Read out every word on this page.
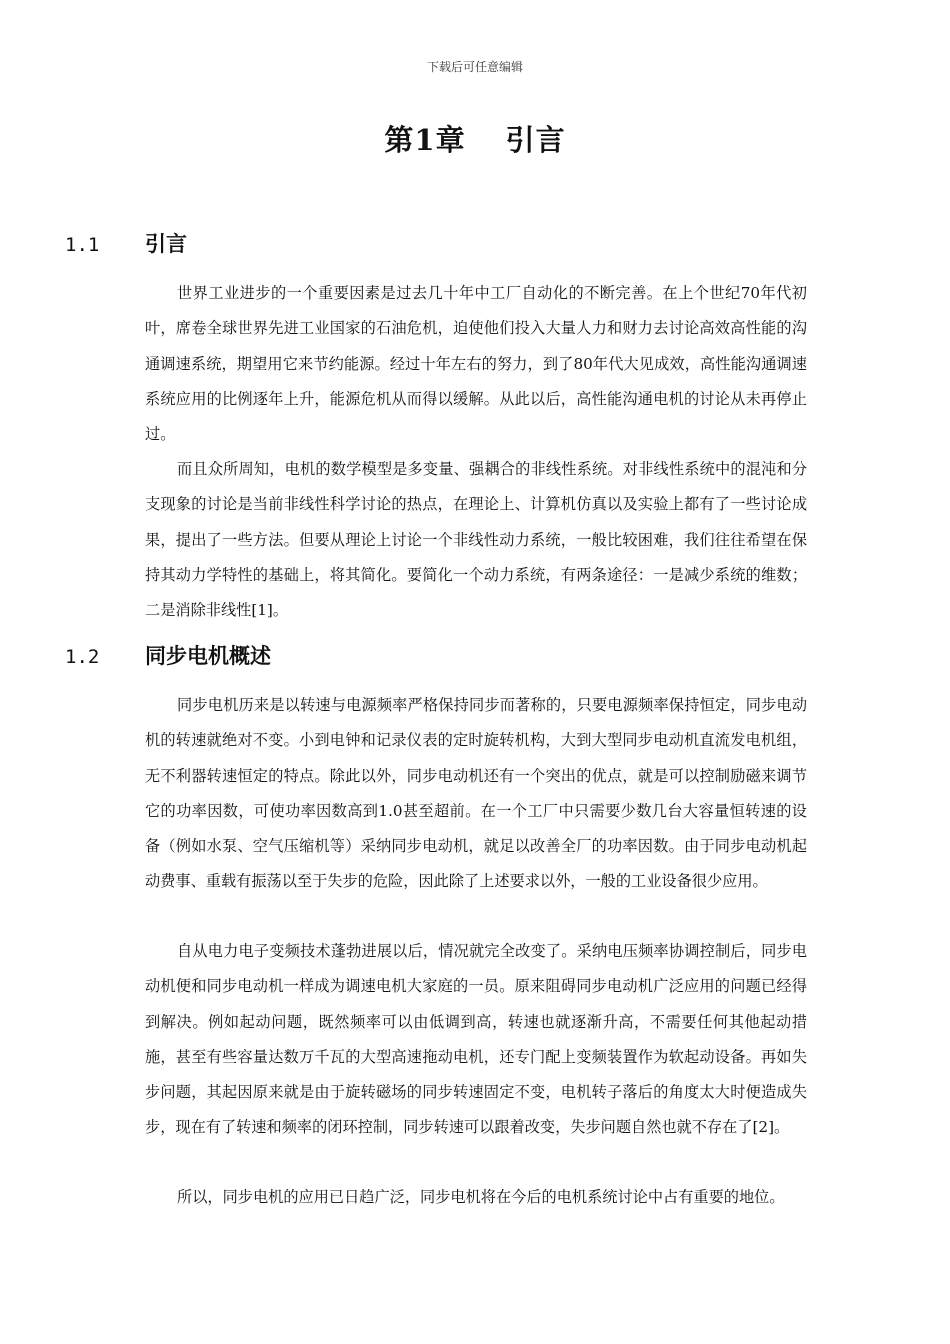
下载后可任意编辑
第1章 引言
1.1 引言

世界工业进步的一个重要因素是过去几十年中工厂自动化的不断完善。在上个世纪70年代初叶，席卷全球世界先进工业国家的石油危机，迫使他们投入大量人力和财力去讨论高效高性能的沟通调速系统，期望用它来节约能源。经过十年左右的努力，到了80年代大见成效，高性能沟通调速系统应用的比例逐年上升，能源危机从而得以缓解。从此以后，高性能沟通电机的讨论从未再停止过。

而且众所周知，电机的数学模型是多变量、强耦合的非线性系统。对非线性系统中的混沌和分支现象的讨论是当前非线性科学讨论的热点，在理论上、计算机仿真以及实验上都有了一些讨论成果，提出了一些方法。但要从理论上讨论一个非线性动力系统，一般比较困难，我们往往希望在保持其动力学特性的基础上，将其简化。要简化一个动力系统，有两条途径：一是减少系统的维数；二是消除非线性[1]。

1.2 同步电机概述

同步电机历来是以转速与电源频率严格保持同步而著称的，只要电源频率保持恒定，同步电动机的转速就绝对不变。小到电钟和记录仪表的定时旋转机构，大到大型同步电动机直流发电机组，无不利器转速恒定的特点。除此以外，同步电动机还有一个突出的优点，就是可以控制励磁来调节它的功率因数，可使功率因数高到1.0甚至超前。在一个工厂中只需要少数几台大容量恒转速的设备（例如水泵、空气压缩机等）采纳同步电动机，就足以改善全厂的功率因数。由于同步电动机起动费事、重载有振荡以至于失步的危险，因此除了上述要求以外，一般的工业设备很少应用。

自从电力电子变频技术蓬勃进展以后，情况就完全改变了。采纳电压频率协调控制后，同步电动机便和同步电动机一样成为调速电机大家庭的一员。原来阻碍同步电动机广泛应用的问题已经得到解决。例如起动问题，既然频率可以由低调到高，转速也就逐渐升高，不需要任何其他起动措施，甚至有些容量达数万千瓦的大型高速拖动电机，还专门配上变频装置作为软起动设备。再如失步问题，其起因原来就是由于旋转磁场的同步转速固定不变，电机转子落后的角度太大时便造成失步，现在有了转速和频率的闭环控制，同步转速可以跟着改变，失步问题自然也就不存在了[2]。

所以，同步电机的应用已日趋广泛，同步电机将在今后的电机系统讨论中占有重要的地位。
